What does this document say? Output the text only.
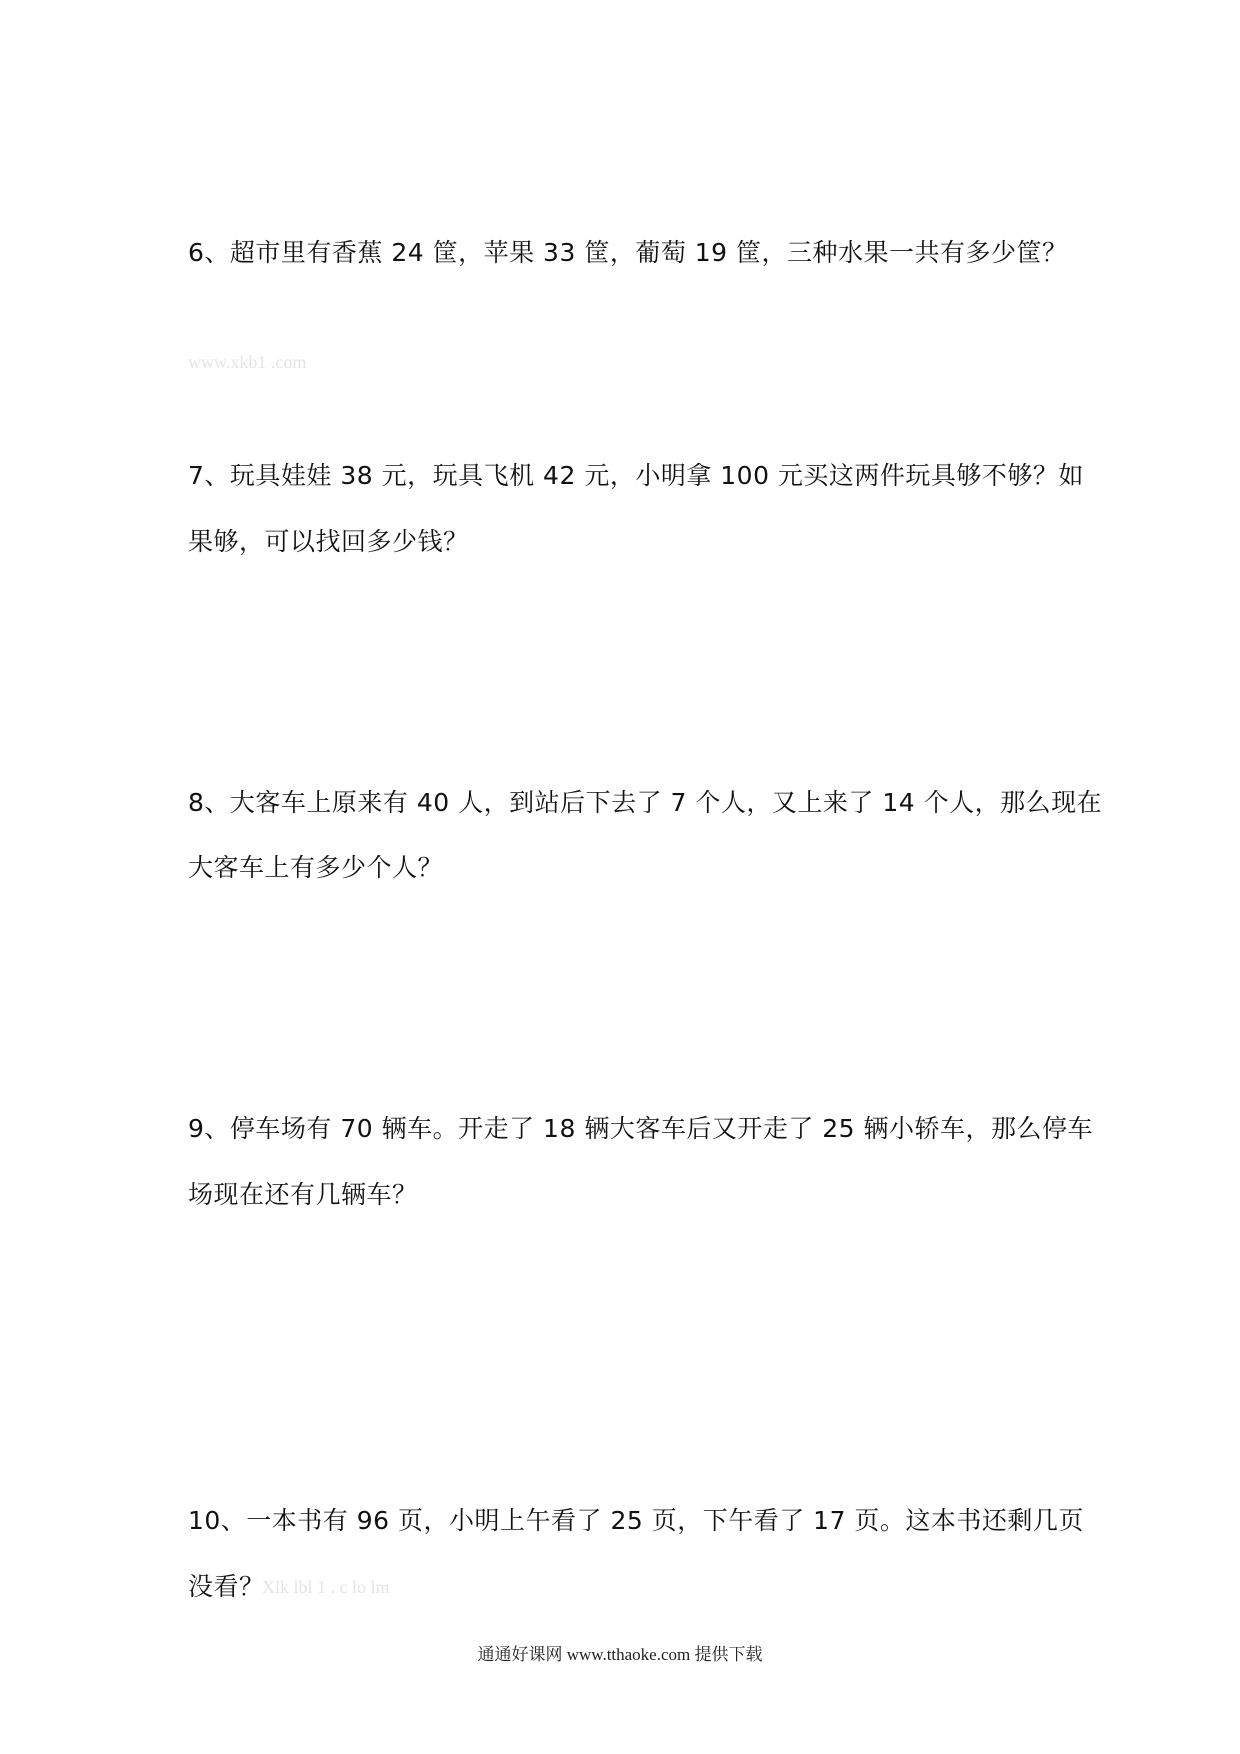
6、超市里有香蕉 24 筐，苹果 33 筐，葡萄 19 筐，三种水果一共有多少筐？
www.xkb1 .com
7、玩具娃娃 38 元，玩具飞机 42 元，小明拿 100 元买这两件玩具够不够？如
果够，可以找回多少钱？
8、大客车上原来有 40 人，到站后下去了 7 个人，又上来了 14 个人，那么现在
大客车上有多少个人？
9、停车场有 70 辆车。开走了 18 辆大客车后又开走了 25 辆小轿车，那么停车
场现在还有几辆车？
10、一本书有 96 页，小明上午看了 25 页，下午看了 17 页。这本书还剩几页
没看？
Xlk lbl 1 . c lo lm
通通好课网 www.tthaoke.com 提供下载
